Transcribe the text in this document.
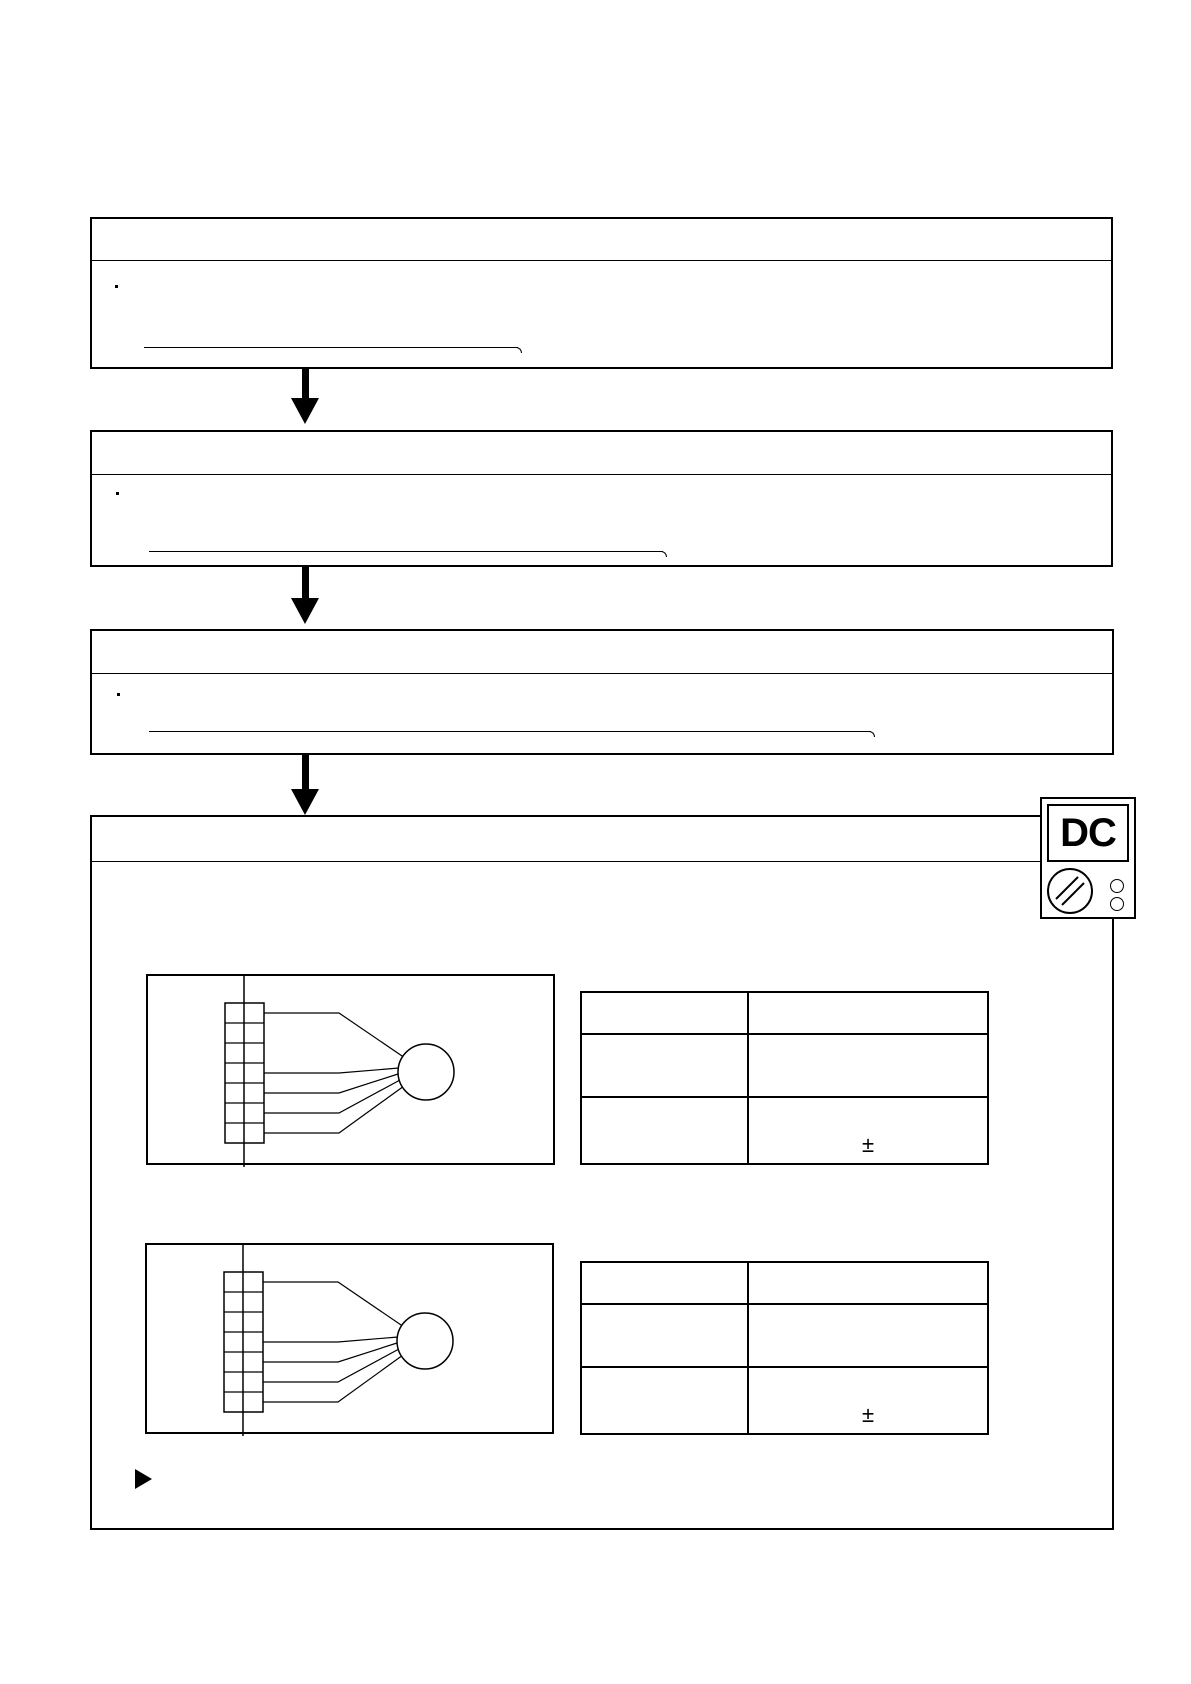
DC

	±

	±
